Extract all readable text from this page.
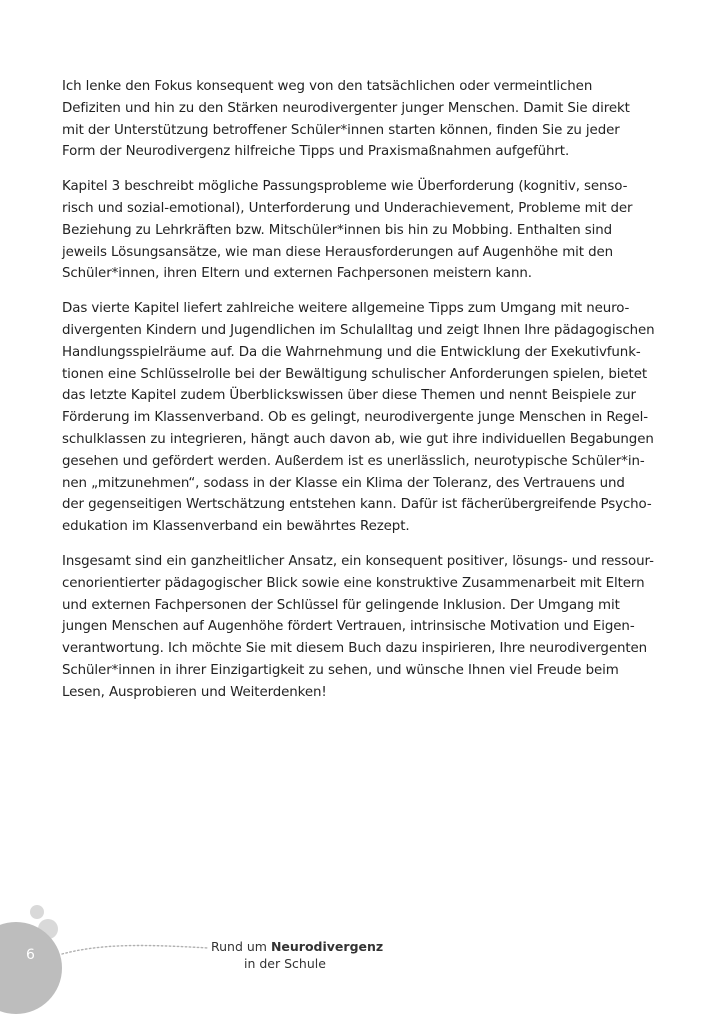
Ich lenke den Fokus konsequent weg von den tatsächlichen oder vermeintlichen
Defiziten und hin zu den Stärken neurodivergenter junger Menschen. Damit Sie direkt
mit der Unterstützung betroffener Schüler*innen starten können, finden Sie zu jeder
Form der Neurodivergenz hilfreiche Tipps und Praxismaßnahmen aufgeführt.

Kapitel 3 beschreibt mögliche Passungsprobleme wie Überforderung (kognitiv, senso-
risch und sozial-emotional), Unterforderung und Underachievement, Probleme mit der
Beziehung zu Lehrkräften bzw. Mitschüler*innen bis hin zu Mobbing. Enthalten sind
jeweils Lösungsansätze, wie man diese Herausforderungen auf Augenhöhe mit den
Schüler*innen, ihren Eltern und externen Fachpersonen meistern kann.

Das vierte Kapitel liefert zahlreiche weitere allgemeine Tipps zum Umgang mit neuro-
divergenten Kindern und Jugendlichen im Schulalltag und zeigt Ihnen Ihre pädagogischen
Handlungsspielräume auf. Da die Wahrnehmung und die Entwicklung der Exekutivfunk-
tionen eine Schlüsselrolle bei der Bewältigung schulischer Anforderungen spielen, bietet
das letzte Kapitel zudem Überblickswissen über diese Themen und nennt Beispiele zur
Förderung im Klassenverband. Ob es gelingt, neurodivergente junge Menschen in Regel-
schulklassen zu integrieren, hängt auch davon ab, wie gut ihre individuellen Begabungen
gesehen und gefördert werden. Außerdem ist es unerlässlich, neurotypische Schüler*in-
nen „mitzunehmen“, sodass in der Klasse ein Klima der Toleranz, des Vertrauens und
der gegenseitigen Wertschätzung entstehen kann. Dafür ist fächerübergreifende Psycho-
edukation im Klassenverband ein bewährtes Rezept.

Insgesamt sind ein ganzheitlicher Ansatz, ein konsequent positiver, lösungs- und ressour-
cenorientierter pädagogischer Blick sowie eine konstruktive Zusammenarbeit mit Eltern
und externen Fachpersonen der Schlüssel für gelingende Inklusion. Der Umgang mit
jungen Menschen auf Augenhöhe fördert Vertrauen, intrinsische Motivation und Eigen-
verantwortung. Ich möchte Sie mit diesem Buch dazu inspirieren, Ihre neurodivergenten
Schüler*innen in ihrer Einzigartigkeit zu sehen, und wünsche Ihnen viel Freude beim
Lesen, Ausprobieren und Weiterdenken!

6
Rund um Neurodivergenz
in der Schule
